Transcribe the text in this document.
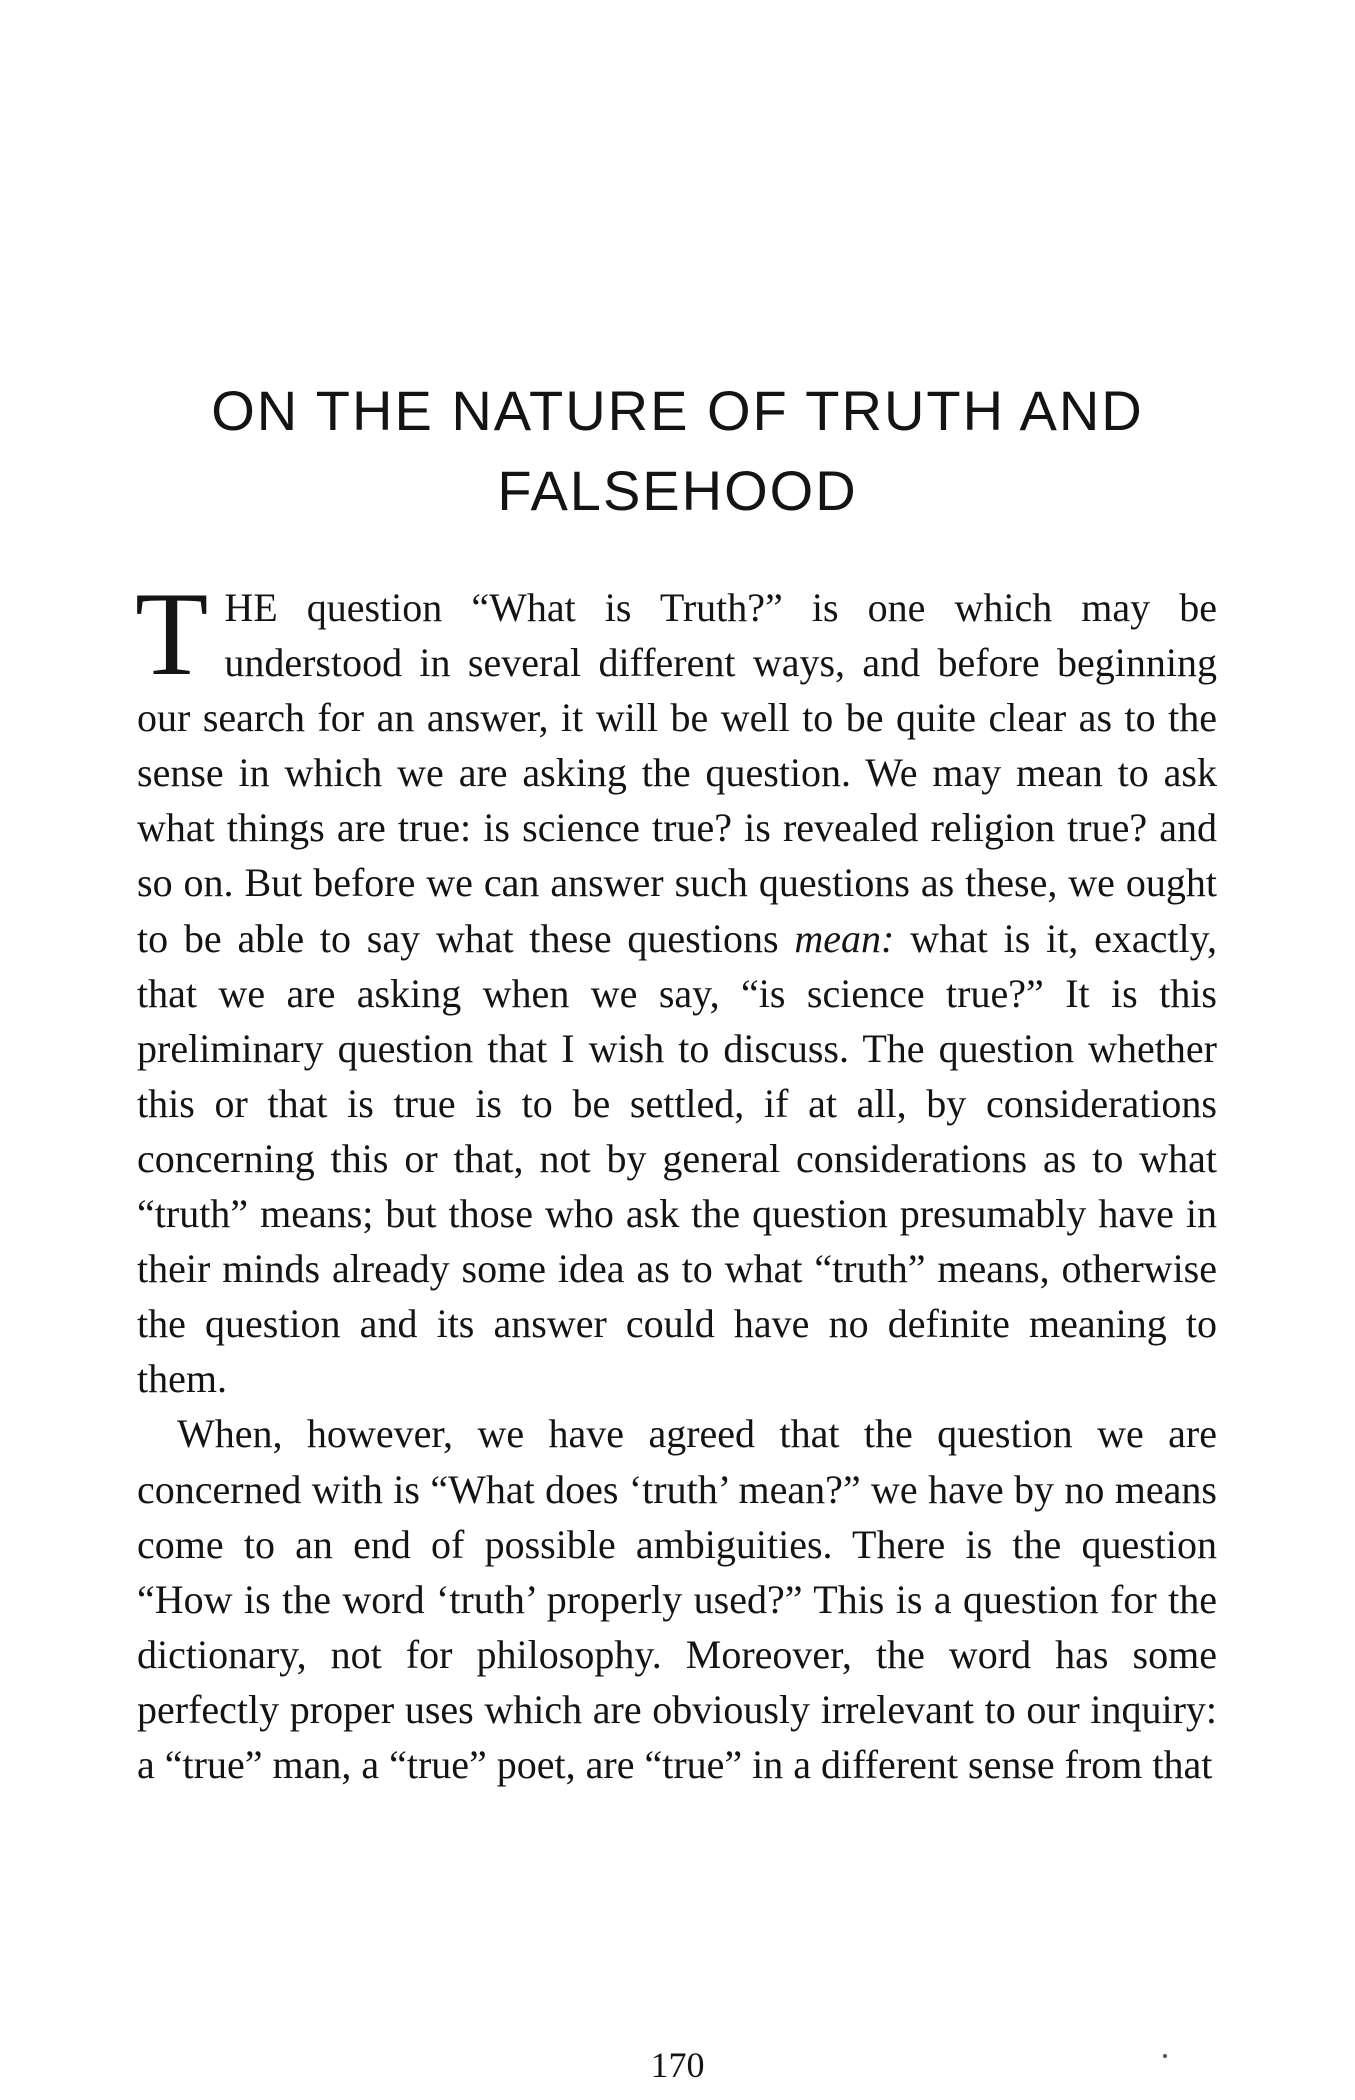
ON THE NATURE OF TRUTH AND
FALSEHOOD

THE question “What is Truth?” is one which may be understood in several different ways, and before beginning our search for an answer, it will be well to be quite clear as to the sense in which we are asking the question. We may mean to ask what things are true: is science true? is revealed religion true? and so on. But before we can answer such questions as these, we ought to be able to say what these questions mean: what is it, exactly, that we are asking when we say, “is science true?” It is this preliminary question that I wish to discuss. The question whether this or that is true is to be settled, if at all, by considerations concerning this or that, not by general considerations as to what “truth” means; but those who ask the question presumably have in their minds already some idea as to what “truth” means, otherwise the question and its answer could have no definite meaning to them.

When, however, we have agreed that the question we are concerned with is “What does ‘truth’ mean?” we have by no means come to an end of possible ambiguities. There is the question “How is the word ‘truth’ properly used?” This is a question for the dictionary, not for philosophy. Moreover, the word has some perfectly proper uses which are obviously irrelevant to our inquiry: a “true” man, a “true” poet, are “true” in a different sense from that

170
